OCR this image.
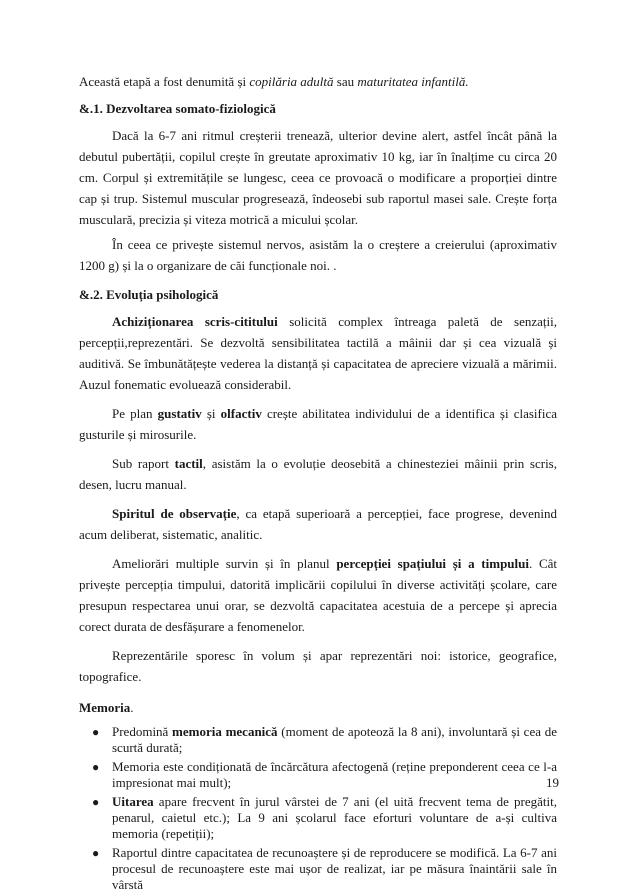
Această etapă a fost denumită și copilăria adultă sau maturitatea infantilă.

&.1. Dezvoltarea somato-fiziologică

Dacă la 6-7 ani ritmul creșterii treneazã, ulterior devine alert, astfel încât până la debutul pubertății, copilul crește în greutate aproximativ 10 kg, iar în înalțime cu circa 20 cm. Corpul și extremitățile se lungesc, ceea ce provoacă o modificare a proporției dintre cap și trup. Sistemul muscular progresează, îndeosebi sub raportul masei sale. Crește forța musculară, precizia și viteza motrică a micului școlar.

În ceea ce privește sistemul nervos, asistăm la o creștere a creierului (aproximativ 1200 g) și la o organizare de căi funcționale noi. .

&.2. Evoluția psihologică

Achiziționarea scris-cititului solicită complex întreaga paletă de senzații, percepții,reprezentări. Se dezvoltă sensibilitatea tactilă a mâinii dar și cea vizuală și auditivă. Se îmbunătățește vederea la distanță și capacitatea de apreciere vizuală a mărimii. Auzul fonematic evoluează considerabil.

Pe plan gustativ și olfactiv crește abilitatea individului de a identifica și clasifica gusturile și mirosurile.

Sub raport tactil, asistăm la o evoluție deosebită a chinesteziei mâinii prin scris, desen, lucru manual.

Spiritul de observație, ca etapă superioară a percepției, face progrese, devenind acum deliberat, sistematic, analitic.

Ameliorări multiple survin și în planul percepției spațiului și a timpului. Cât privește percepția timpului, datorită implicării copilului în diverse activități școlare, care presupun respectarea unui orar, se dezvoltă capacitatea acestuia de a percepe și aprecia corect durata de desfășurare a fenomenelor.

Reprezentările sporesc în volum și apar reprezentări noi: istorice, geografice, topografice.

Memoria.

● Predomină memoria mecanică (moment de apoteoză la 8 ani), involuntară și cea de scurtă durată;
● Memoria este condiționată de încărcătura afectogenă (reține preponderent ceea ce l-a impresionat mai mult);
● Uitarea apare frecvent în jurul vârstei de 7 ani (el uită frecvent tema de pregătit, penarul, caietul etc.); La 9 ani școlarul face eforturi voluntare de a-și cultiva memoria (repetiții);
● Raportul dintre capacitatea de recunoaștere și de reproducere se modifică. La 6-7 ani procesul de recunoaștere este mai ușor de realizat, iar pe măsura înaintării sale în vârstă
19
